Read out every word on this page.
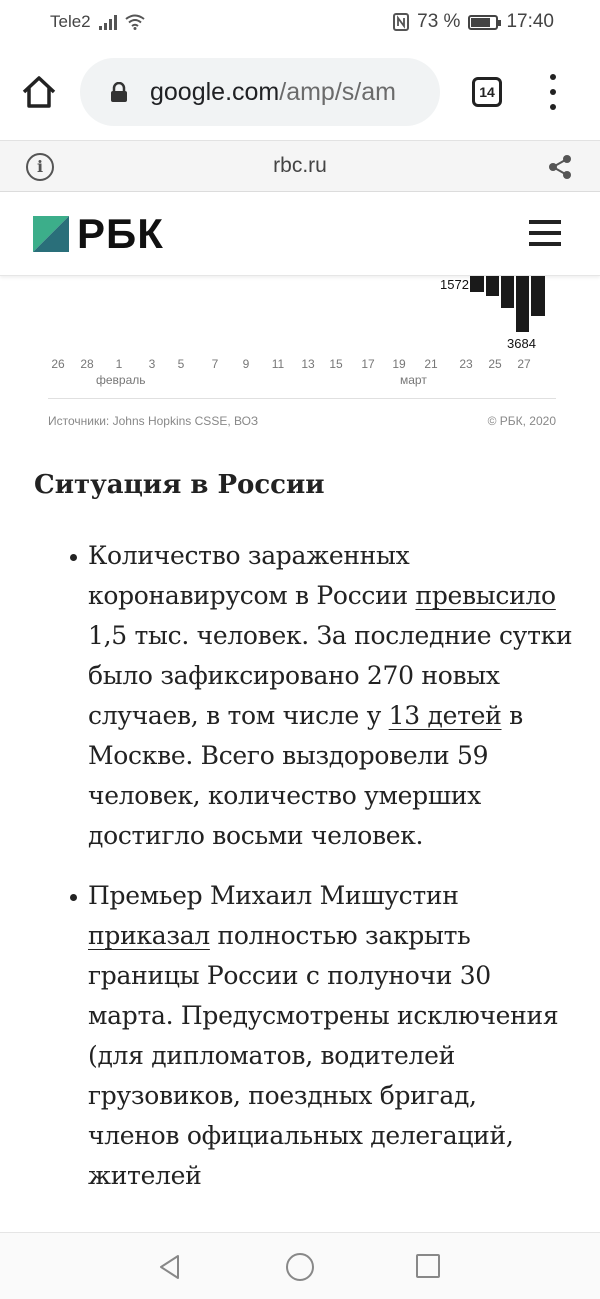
Tele2	73 % 17:40
google.com/amp/s/am	14
i	rbc.ru
РБК
1572
3684
26 28 1 3 5 7 9 11 13 15 17 19 21 23 25 27
февраль	март
Источники: Johns Hopkins CSSE, ВОЗ	© РБК, 2020
Ситуация в России
Количество зараженных коронавирусом в России превысило 1,5 тыс. человек. За последние сутки было зафиксировано 270 новых случаев, в том числе у 13 детей в Москве. Всего выздоровели 59 человек, количество умерших достигло восьми человек.
Премьер Михаил Мишустин приказал полностью закрыть границы России с полуночи 30 марта. Предусмотрены исключения (для дипломатов, водителей грузовиков, поездных бригад, членов официальных делегаций, жителей
